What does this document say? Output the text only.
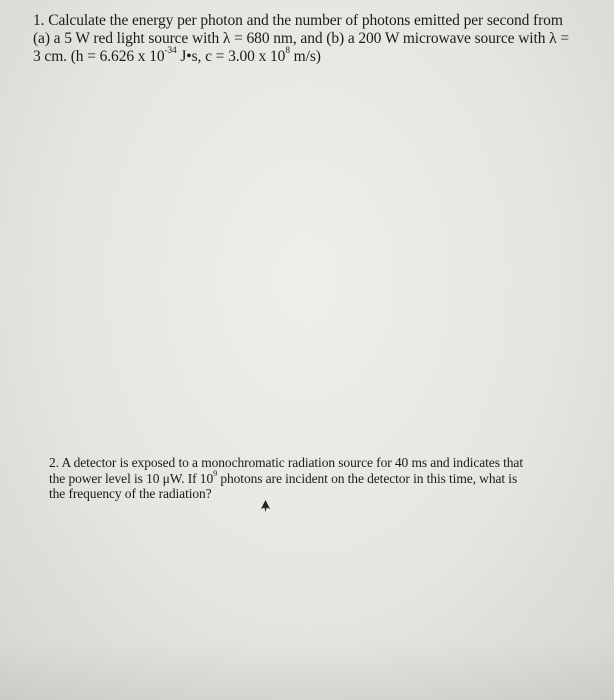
1. Calculate the energy per photon and the number of photons emitted per second from
(a) a 5 W red light source with λ = 680 nm, and (b) a 200 W microwave source with λ =
3 cm. (h = 6.626 x $10^{-34}$ J•s, c = 3.00 x $10^8$ m/s)
2. A detector is exposed to a monochromatic radiation source for 40 ms and indicates that
the power level is 10 μW. If $10^9$ photons are incident on the detector in this time, what is
the frequency of the radiation?
